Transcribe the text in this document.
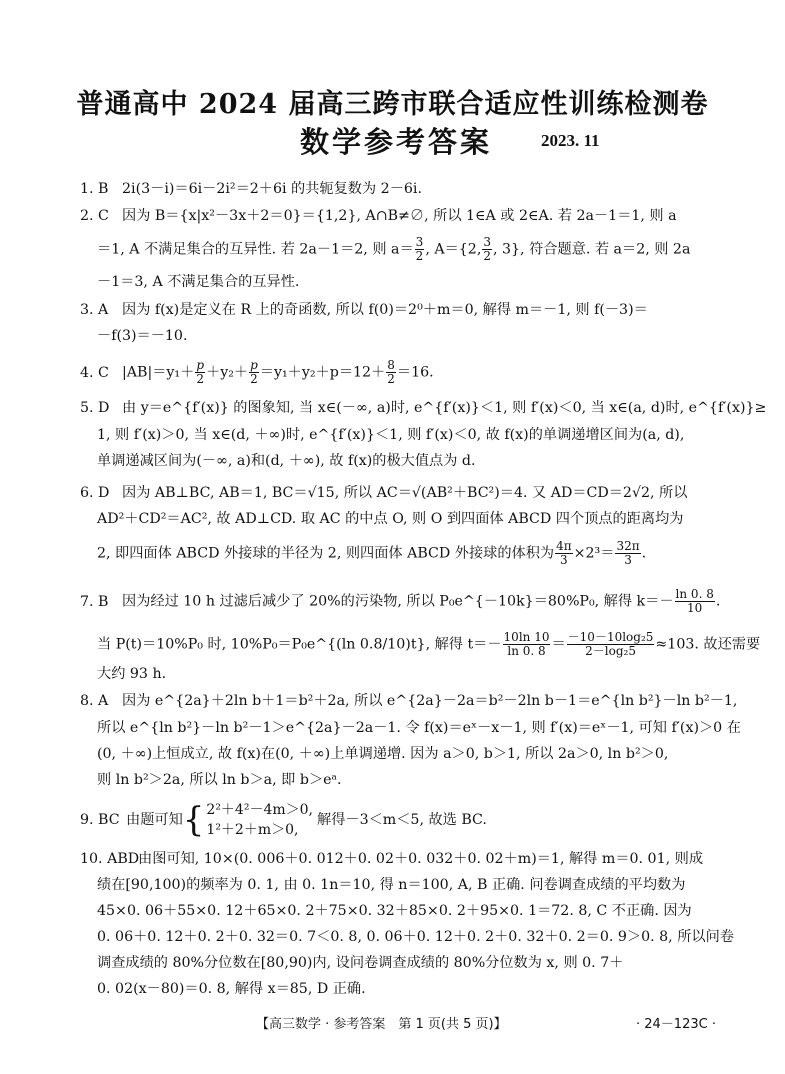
普通高中 2024 届高三跨市联合适应性训练检测卷
数学参考答案	2023. 11
1. B 2i(3－i)＝6i－2i²＝2＋6i 的共轭复数为 2－6i.
2. C 因为 B＝{x|x²－3x＋2＝0}＝{1,2}, A∩B≠∅, 所以 1∈A 或 2∈A. 若 2a－1＝1, 则 a
＝1, A 不满足集合的互异性. 若 2a－1＝2, 则 $a= \frac{3}{2}$ , A＝{2, $\frac{3}{2}$ , 3}, 符合题意. 若 a＝2, 则 2a
－1＝3, A 不满足集合的互异性.
3. A 因为 f(x)是定义在 R 上的奇函数, 所以 f(0)＝2⁰＋m＝0, 解得 m＝－1, 则 f(－3)＝
－f(3)＝－10.
4. C $|AB|=y_1+ \frac{p}{2} +y_2+ \frac{p}{2} =y_1+y_2+p=12+ \frac{8}{2} =16$.
5. D 由 y＝e^{f′(x)} 的图象知, 当 x∈(－∞, a)时, e^{f′(x)}＜1, 则 f′(x)＜0, 当 x∈(a, d)时, e^{f′(x)}≥
1, 则 f′(x)＞0, 当 x∈(d, ＋∞)时, e^{f′(x)}＜1, 则 f′(x)＜0, 故 f(x)的单调递增区间为(a, d),
单调递减区间为(－∞, a)和(d, ＋∞), 故 f(x)的极大值点为 d.
6. D 因为 AB⊥BC, AB＝1, BC＝√15, 所以 AC＝√(AB²＋BC²)＝4. 又 AD＝CD＝2√2, 所以
AD²＋CD²＝AC², 故 AD⊥CD. 取 AC 的中点 O, 则 O 到四面体 ABCD 四个顶点的距离均为
2, 即四面体 ABCD 外接球的半径为 2, 则四面体 ABCD 外接球的体积为 $\frac{4\pi}{3} \times 2^3= \frac{32\pi}{3}$ .
7. B 因为经过 10 h 过滤后减少了 20%的污染物, 所以 P₀e^{－10k}＝80%P₀, 解得 $k=- \frac{\ln 0. 8}{10}$ .
当 P(t)＝10%P₀ 时, 10%P₀＝P₀e^{(ln 0.8/10)t}, 解得 $t=- \frac{10\ln 10}{\ln 0. 8} = \frac{\text{－10－10log₂5}}{\text{2－log₂5}} \approx 103$. 故还需要
大约 93 h.
8. A 因为 e^{2a}＋2ln b＋1＝b²＋2a, 所以 e^{2a}－2a＝b²－2ln b－1＝e^{ln b²}－ln b²－1,
所以 e^{ln b²}－ln b²－1＞e^{2a}－2a－1. 令 f(x)＝eˣ－x－1, 则 f′(x)＝eˣ－1, 可知 f′(x)＞0 在
(0, ＋∞)上恒成立, 故 f(x)在(0, ＋∞)上单调递增. 因为 a＞0, b＞1, 所以 2a＞0, ln b²＞0,
则 ln b²＞2a, 所以 ln b＞a, 即 b＞eᵃ.
9. BC 由题可知{ 2²＋4²－4m＞0,
1²＋2＋m＞0,
解得－3＜m＜5, 故选 BC.
10. ABD由图可知, 10×(0. 006＋0. 012＋0. 02＋0. 032＋0. 02＋m)＝1, 解得 m＝0. 01, 则成
绩在[90,100)的频率为 0. 1, 由 0. 1n＝10, 得 n＝100, A, B 正确. 问卷调查成绩的平均数为
45×0. 06＋55×0. 12＋65×0. 2＋75×0. 32＋85×0. 2＋95×0. 1＝72. 8, C 不正确. 因为
0. 06＋0. 12＋0. 2＋0. 32＝0. 7＜0. 8, 0. 06＋0. 12＋0. 2＋0. 32＋0. 2＝0. 9＞0. 8, 所以问卷
调查成绩的 80%分位数在[80,90)内, 设问卷调查成绩的 80%分位数为 x, 则 0. 7＋
0. 02(x－80)＝0. 8, 解得 x＝85, D 正确.
【高三数学 · 参考答案　第 1 页(共 5 页)】	· 24－123C ·
